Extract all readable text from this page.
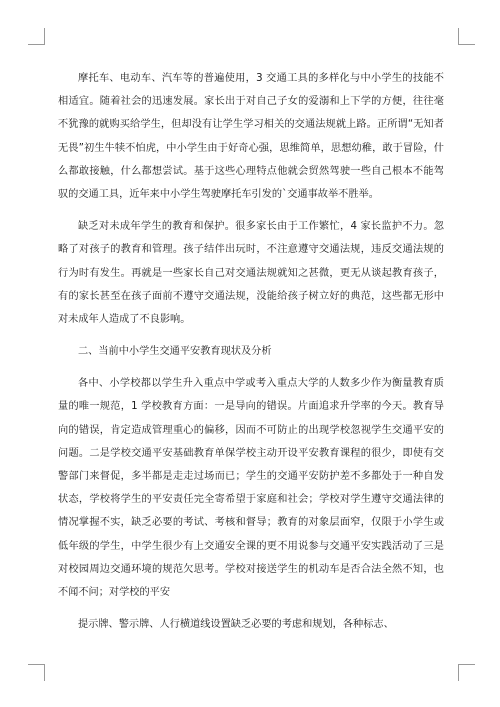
摩托车、电动车、汽车等的普遍使用，3 交通工具的多样化与中小学生的技能不
相适宜。随着社会的迅速发展。家长出于对自己子女的爱溺和上下学的方便，往往毫
不犹豫的就购买给学生，但却没有让学生学习相关的交通法规就上路。正所谓“无知者
无畏”初生牛犊不怕虎，中小学生由于好奇心强，思维简单，思想幼稚，敢于冒险，什
么都敢接触，什么都想尝试。基于这些心理特点他就会贸然驾驶一些自己根本不能驾
驭的交通工具，近年来中小学生驾驶摩托车引发的`交通事故举不胜举。
缺乏对未成年学生的教育和保护。很多家长由于工作繁忙，4 家长监护不力。忽
略了对孩子的教育和管理。孩子结伴出玩时，不注意遵守交通法规，违反交通法规的
行为时有发生。再就是一些家长自己对交通法规就知之甚微，更无从谈起教育孩子，
有的家长甚至在孩子面前不遵守交通法规，没能给孩子树立好的典范，这些都无形中
对未成年人造成了不良影响。
二、当前中小学生交通平安教育现状及分析
各中、小学校都以学生升入重点中学或考入重点大学的人数多少作为衡量教育质
量的唯一规范，1 学校教育方面：一是导向的错误。片面追求升学率的今天。教育导
向的错误，肯定造成管理重心的偏移，因而不可防止的出现学校忽视学生交通平安的
问题。二是学校交通平安基础教育单保学校主动开设平安教育课程的很少，即使有交
警部门来督促，多半都是走走过场而已；学生的交通平安防护差不多都处于一种自发
状态，学校将学生的平安责任完全寄希望于家庭和社会；学校对学生遵守交通法律的
情况掌握不实，缺乏必要的考试、考核和督导；教育的对象层面窄，仅限于小学生或
低年级的学生，中学生很少有上交通安全课的更不用说参与交通平安实践活动了三是
对校园周边交通环境的规范欠思考。学校对接送学生的机动车是否合法全然不知，也
不闻不问；对学校的平安
提示牌、警示牌、人行横道线设置缺乏必要的考虑和规划，各种标志、
